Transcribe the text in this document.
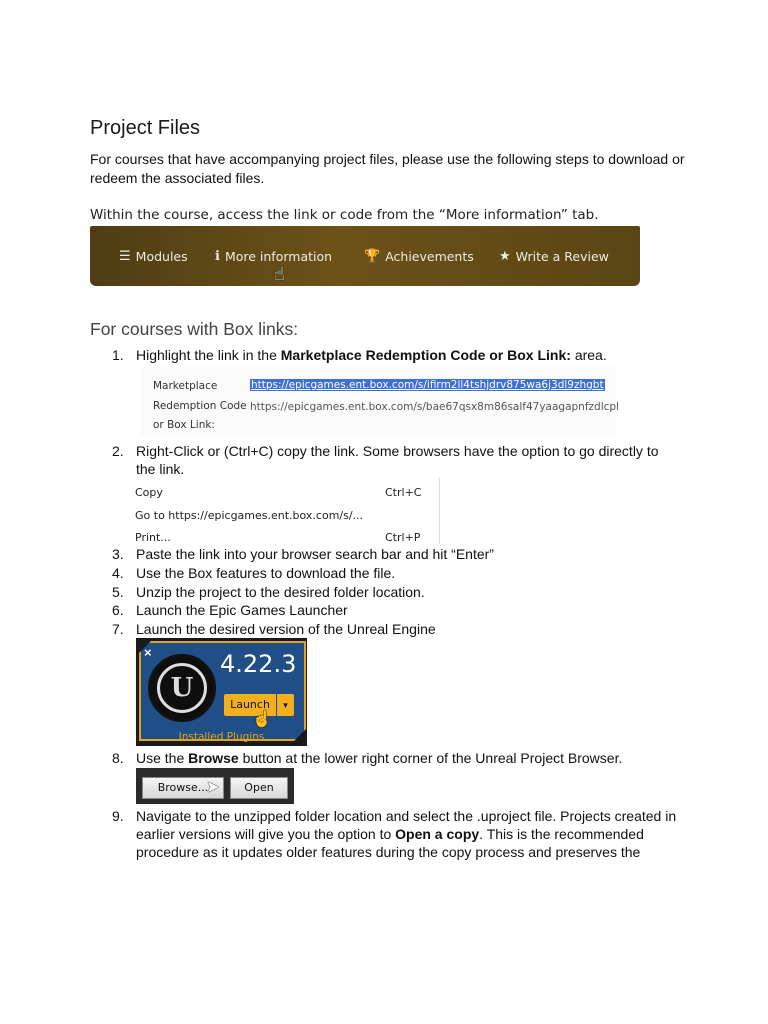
Project Files
For courses that have accompanying project files, please use the following steps to download or redeem the associated files.
Within the course, access the link or code from the “More information” tab.
☰ Modules ℹ More information 🏆 Achievements ★ Write a Review
☝
For courses with Box links:
1. Highlight the link in the Marketplace Redemption Code or Box Link: area.
Marketplace
Redemption Code
or Box Link:
https://epicgames.ent.box.com/s/ifirm2ll4tshjdrv875wa6j3dl9zhgbt
https://epicgames.ent.box.com/s/bae67qsx8m86salf47yaagapnfzdlcpl
2. Right-Click or (Ctrl+C) copy the link. Some browsers have the option to go directly to the link.
Copy	Ctrl+C
Go to https://epicgames.ent.box.com/s/...
Print...	Ctrl+P
3. Paste the link into your browser search bar and hit “Enter”
4. Use the Box features to download the file.
5. Unzip the project to the desired folder location.
6. Launch the Epic Games Launcher
7. Launch the desired version of the Unreal Engine
×
U
4.22.3
Launch	▾
Installed Plugins
☝
8. Use the Browse button at the lower right corner of the Unreal Project Browser.
Browse...	Open
➤
9. Navigate to the unzipped folder location and select the .uproject file. Projects created in earlier versions will give you the option to Open a copy. This is the recommended procedure as it updates older features during the copy process and preserves the
